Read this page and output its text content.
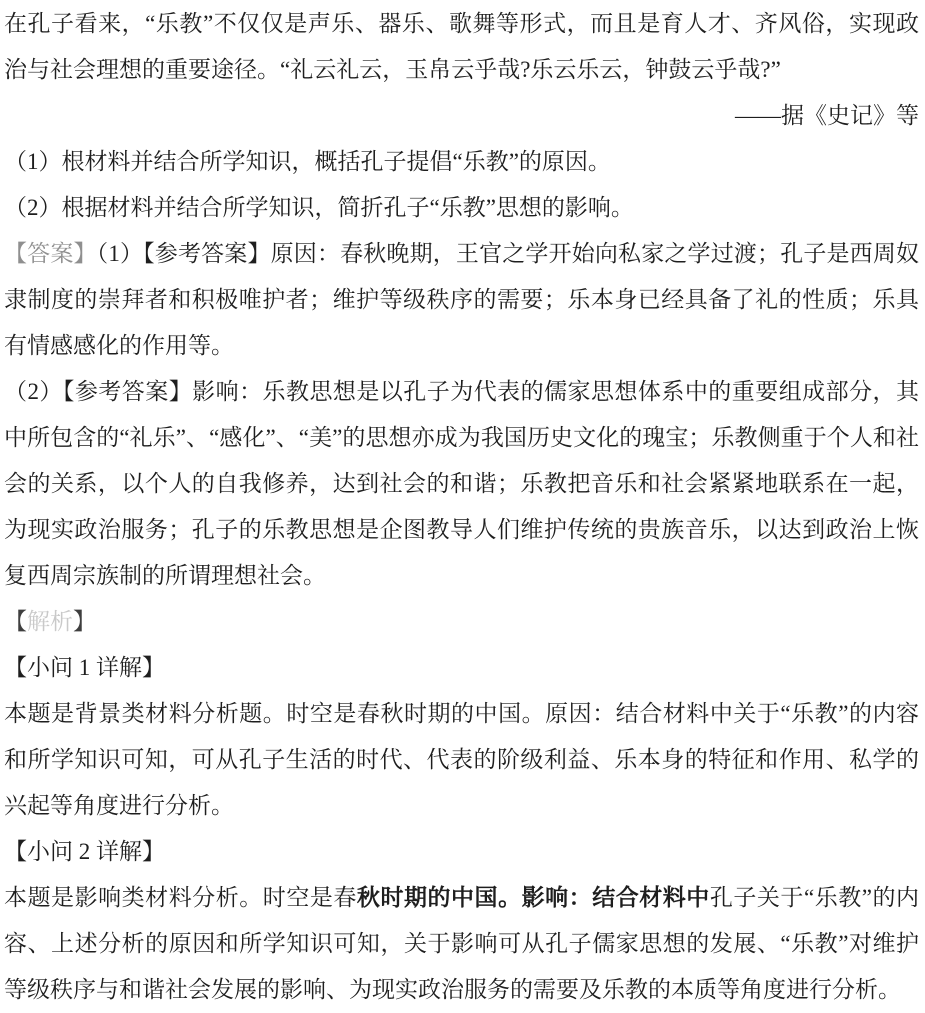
在孔子看来，“乐教”不仅仅是声乐、器乐、歌舞等形式，而且是育人才、齐风俗，实现政治与社会理想的重要途径。“礼云礼云，玉帛云乎哉?乐云乐云，钟鼓云乎哉?”

——据《史记》等

（1）根材料并结合所学知识，概括孔子提倡“乐教”的原因。

（2）根据材料并结合所学知识，简折孔子“乐教”思想的影响。

【答案】（1）【参考答案】原因：春秋晚期，王官之学开始向私家之学过渡；孔子是西周奴隶制度的崇拜者和积极唯护者；维护等级秩序的需要；乐本身已经具备了礼的性质；乐具有情感感化的作用等。

（2）【参考答案】影响：乐教思想是以孔子为代表的儒家思想体系中的重要组成部分，其中所包含的“礼乐”、“感化”、“美”的思想亦成为我国历史文化的瑰宝；乐教侧重于个人和社会的关系，以个人的自我修养，达到社会的和谐；乐教把音乐和社会紧紧地联系在一起，为现实政治服务；孔子的乐教思想是企图教导人们维护传统的贵族音乐，以达到政治上恢复西周宗族制的所谓理想社会。

【解析】

【小问 1 详解】

本题是背景类材料分析题。时空是春秋时期的中国。原因：结合材料中关于“乐教”的内容和所学知识可知，可从孔子生活的时代、代表的阶级利益、乐本身的特征和作用、私学的兴起等角度进行分析。

【小问 2 详解】

本题是影响类材料分析。时空是春秋时期的中国。影响：结合材料中孔子关于“乐教”的内容、上述分析的原因和所学知识可知，关于影响可从孔子儒家思想的发展、“乐教”对维护等级秩序与和谐社会发展的影响、为现实政治服务的需要及乐教的本质等角度进行分析。
